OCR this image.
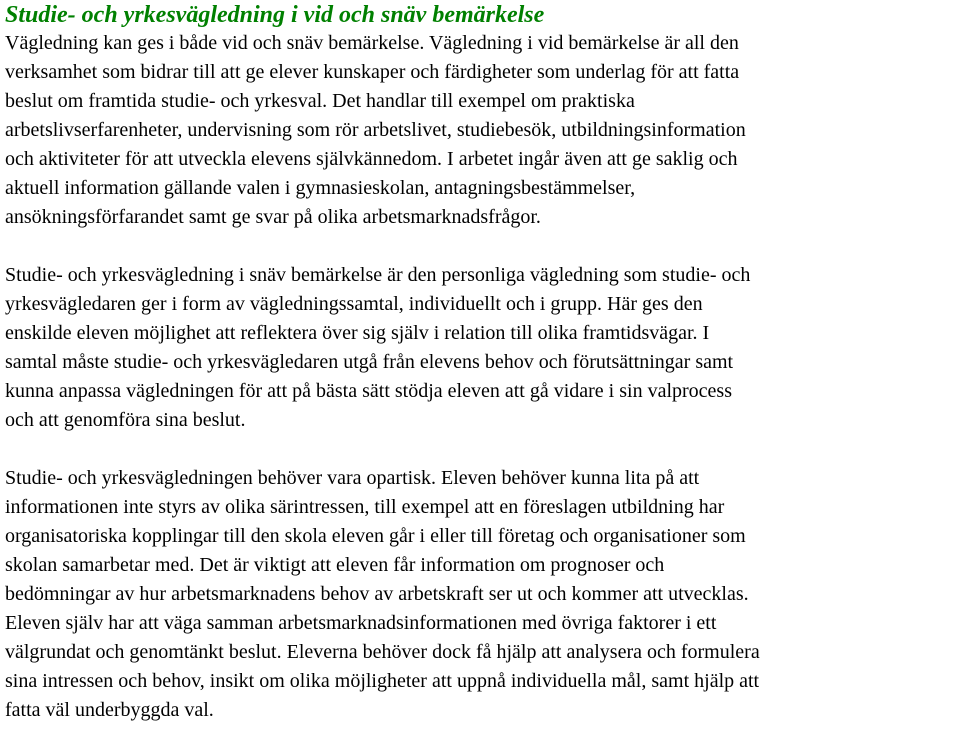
Studie- och yrkesvägledning i vid och snäv bemärkelse

Vägledning kan ges i både vid och snäv bemärkelse. Vägledning i vid bemärkelse är all den
verksamhet som bidrar till att ge elever kunskaper och färdigheter som underlag för att fatta
beslut om framtida studie- och yrkesval. Det handlar till exempel om praktiska
arbetslivserfarenheter, undervisning som rör arbetslivet, studiebesök, utbildningsinformation
och aktiviteter för att utveckla elevens självkännedom. I arbetet ingår även att ge saklig och
aktuell information gällande valen i gymnasieskolan, antagningsbestämmelser,
ansökningsförfarandet samt ge svar på olika arbetsmarknadsfrågor.

Studie- och yrkesvägledning i snäv bemärkelse är den personliga vägledning som studie- och
yrkesvägledaren ger i form av vägledningssamtal, individuellt och i grupp. Här ges den
enskilde eleven möjlighet att reflektera över sig själv i relation till olika framtidsvägar. I
samtal måste studie- och yrkesvägledaren utgå från elevens behov och förutsättningar samt
kunna anpassa vägledningen för att på bästa sätt stödja eleven att gå vidare i sin valprocess
och att genomföra sina beslut.

Studie- och yrkesvägledningen behöver vara opartisk. Eleven behöver kunna lita på att
informationen inte styrs av olika särintressen, till exempel att en föreslagen utbildning har
organisatoriska kopplingar till den skola eleven går i eller till företag och organisationer som
skolan samarbetar med. Det är viktigt att eleven får information om prognoser och
bedömningar av hur arbetsmarknadens behov av arbetskraft ser ut och kommer att utvecklas.
Eleven själv har att väga samman arbetsmarknadsinformationen med övriga faktorer i ett
välgrundat och genomtänkt beslut. Eleverna behöver dock få hjälp att analysera och formulera
sina intressen och behov, insikt om olika möjligheter att uppnå individuella mål, samt hjälp att
fatta väl underbyggda val.
